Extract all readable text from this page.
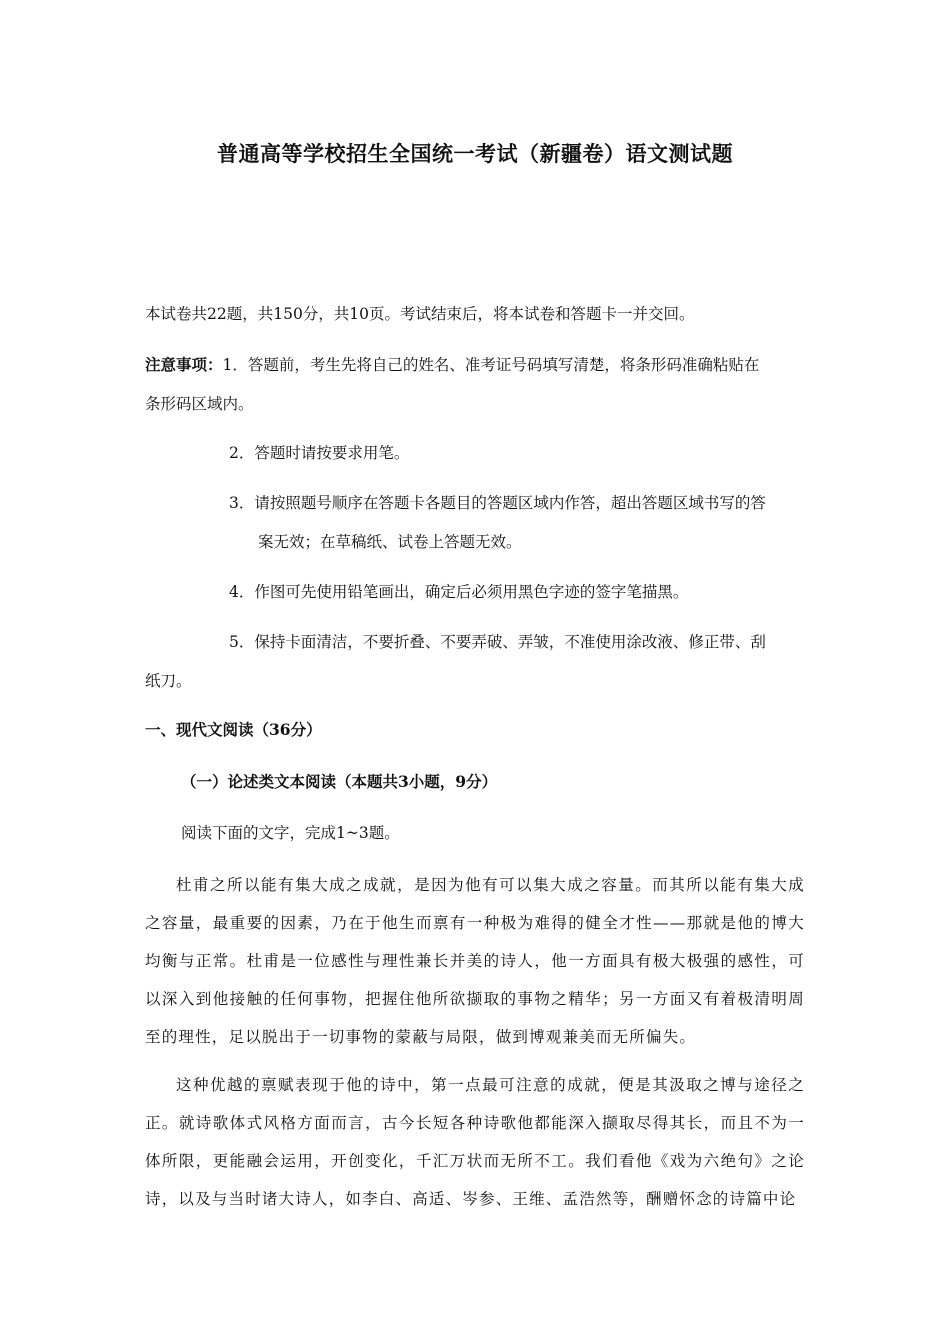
普通高等学校招生全国统一考试（新疆卷）语文测试题
本试卷共22题，共150分，共10页。考试结束后，将本试卷和答题卡一并交回。
注意事项：1．答题前，考生先将自己的姓名、准考证号码填写清楚，将条形码准确粘贴在
条形码区域内。
2．答题时请按要求用笔。
3．请按照题号顺序在答题卡各题目的答题区域内作答，超出答题区域书写的答
案无效；在草稿纸、试卷上答题无效。
4．作图可先使用铅笔画出，确定后必须用黑色字迹的签字笔描黑。
5．保持卡面清洁，不要折叠、不要弄破、弄皱，不准使用涂改液、修正带、刮
纸刀。
一、现代文阅读（36分）
（一）论述类文本阅读（本题共3小题，9分）
阅读下面的文字，完成1~3题。
杜甫之所以能有集大成之成就，是因为他有可以集大成之容量。而其所以能有集大成之容量，最重要的因素，乃在于他生而禀有一种极为难得的健全才性——那就是他的博大均衡与正常。杜甫是一位感性与理性兼长并美的诗人，他一方面具有极大极强的感性，可以深入到他接触的任何事物，把握住他所欲撷取的事物之精华；另一方面又有着极清明周至的理性，足以脱出于一切事物的蒙蔽与局限，做到博观兼美而无所偏失。
这种优越的禀赋表现于他的诗中，第一点最可注意的成就，便是其汲取之博与途径之正。就诗歌体式风格方面而言，古今长短各种诗歌他都能深入撷取尽得其长，而且不为一体所限，更能融会运用，开创变化，千汇万状而无所不工。我们看他《戏为六绝句》之论诗，以及与当时诸大诗人，如李白、高适、岑参、王维、孟浩然等，酬赠怀念的诗篇中论
